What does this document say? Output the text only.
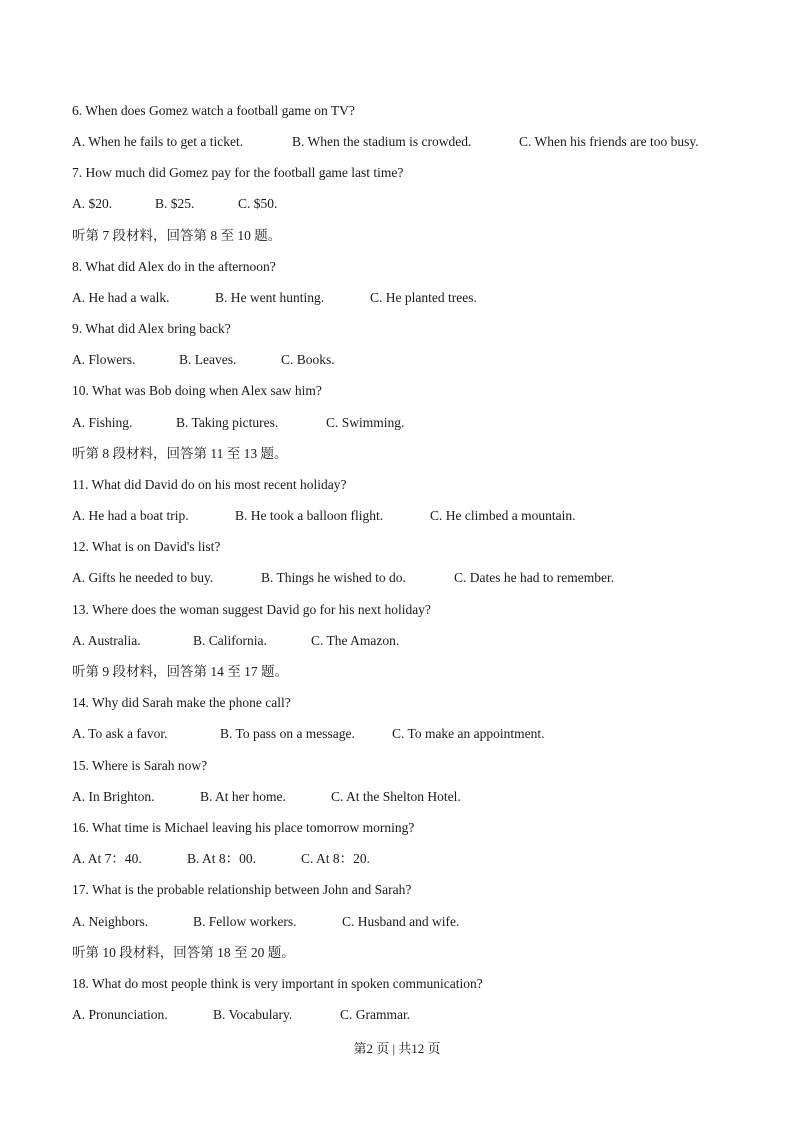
6. When does Gomez watch a football game on TV?
A. When he fails to get a ticket.	B. When the stadium is crowded.	C. When his friends are too busy.
7. How much did Gomez pay for the football game last time?
A. $20.	B. $25.	C. $50.
听第 7 段材料，回答第 8 至 10 题。
8. What did Alex do in the afternoon?
A. He had a walk.	B. He went hunting.	C. He planted trees.
9. What did Alex bring back?
A. Flowers.	B. Leaves.	C. Books.
10. What was Bob doing when Alex saw him?
A. Fishing.	B. Taking pictures.	C. Swimming.
听第 8 段材料，回答第 11 至 13 题。
11. What did David do on his most recent holiday?
A. He had a boat trip.	B. He took a balloon flight.	C. He climbed a mountain.
12. What is on David's list?
A. Gifts he needed to buy.	B. Things he wished to do.	C. Dates he had to remember.
13. Where does the woman suggest David go for his next holiday?
A. Australia.	B. California.	C. The Amazon.
听第 9 段材料，回答第 14 至 17 题。
14. Why did Sarah make the phone call?
A. To ask a favor.	B. To pass on a message.	C. To make an appointment.
15. Where is Sarah now?
A. In Brighton.	B. At her home.	C. At the Shelton Hotel.
16. What time is Michael leaving his place tomorrow morning?
A. At 7：40.	B. At 8：00.	C. At 8：20.
17. What is the probable relationship between John and Sarah?
A. Neighbors.	B. Fellow workers.	C. Husband and wife.
听第 10 段材料，回答第 18 至 20 题。
18. What do most people think is very important in spoken communication?
A. Pronunciation.	B. Vocabulary.	C. Grammar.
第2 页 | 共12 页
